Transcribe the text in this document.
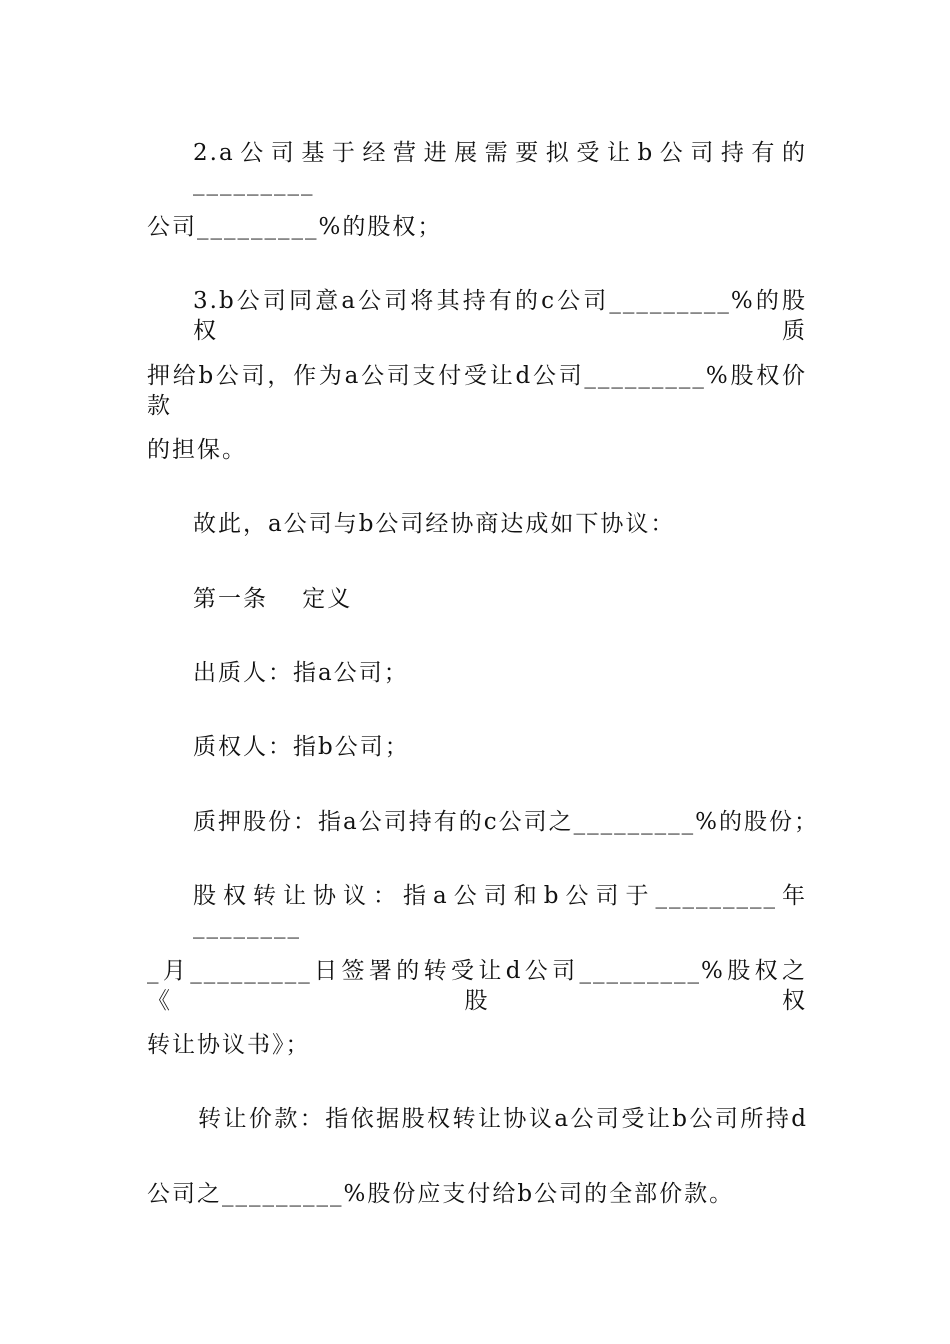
2.a公司基于经营进展需要拟受让b公司持有的_________
公司_________%的股权；
3.b公司同意a公司将其持有的c公司_________%的股权质
押给b公司，作为a公司支付受让d公司_________%股权价款
的担保。
故此，a公司与b公司经协商达成如下协议：
第一条　 定义
出质人：指a公司；
质权人：指b公司；
质押股份：指a公司持有的c公司之_________%的股份；
股权转让协议：指a公司和b公司于_________年________
_月_________日签署的转受让d公司_________%股权之《股权
转让协议书》；
转让价款：指依据股权转让协议a公司受让b公司所持d
公司之_________%股份应支付给b公司的全部价款。
